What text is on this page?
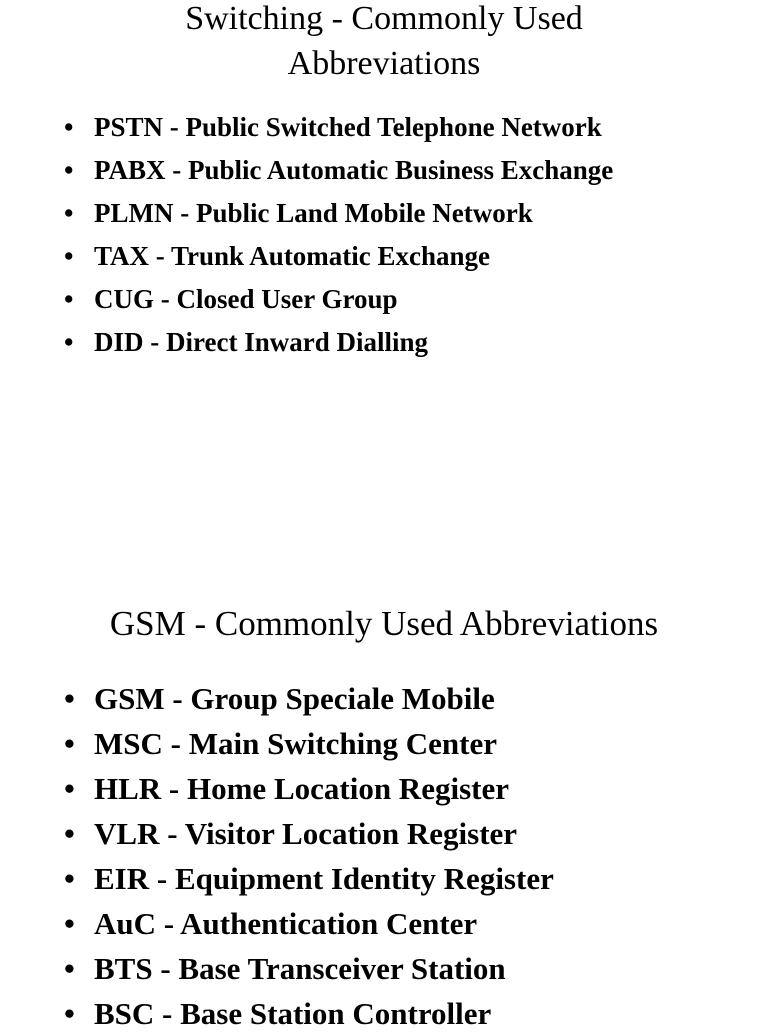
Switching - Commonly Used
Abbreviations
• PSTN - Public Switched Telephone Network
• PABX - Public Automatic Business Exchange
• PLMN - Public Land Mobile Network
• TAX - Trunk Automatic Exchange
• CUG - Closed User Group
• DID - Direct Inward Dialling
GSM - Commonly Used Abbreviations
• GSM - Group Speciale Mobile
• MSC - Main Switching Center
• HLR - Home Location Register
• VLR - Visitor Location Register
• EIR - Equipment Identity Register
• AuC - Authentication Center
• BTS - Base Transceiver Station
• BSC - Base Station Controller
